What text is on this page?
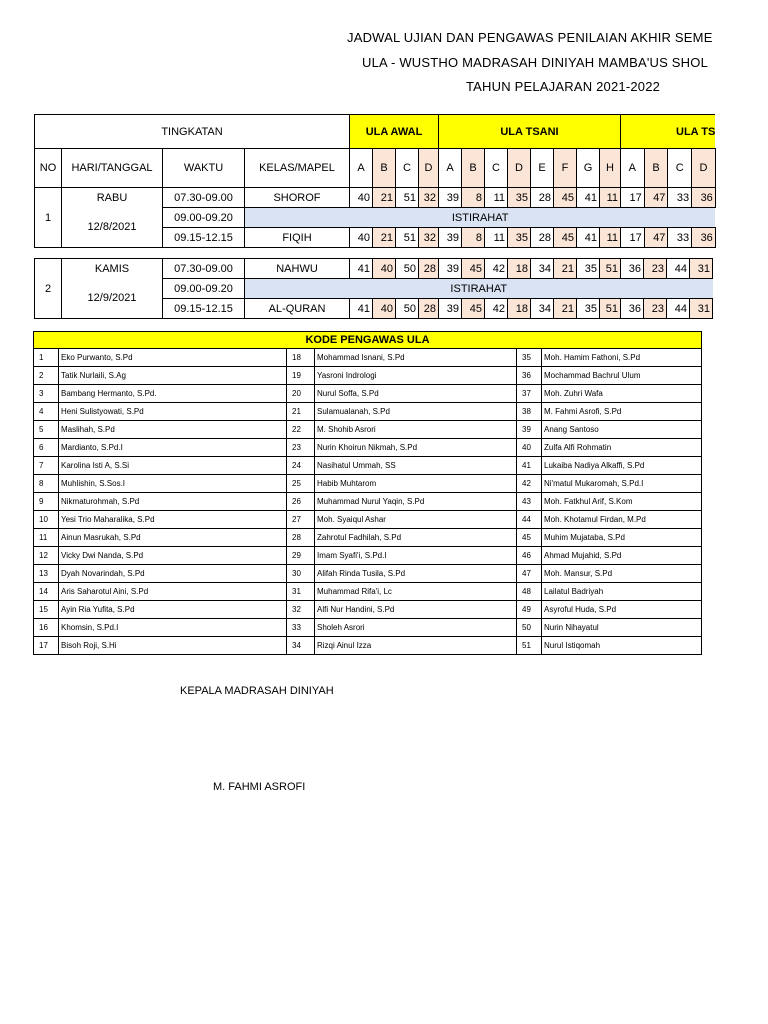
JADWAL UJIAN DAN PENGAWAS PENILAIAN AKHIR SEME
ULA - WUSTHO MADRASAH DINIYAH MAMBA'US SHOL
TAHUN PELAJARAN 2021-2022
TINGKATAN				ULA AWAL				ULA TSANI								ULA TS			
NO	HARI/TANGGAL	WAKTU	KELAS/MAPEL	A	B	C	D	A	B	C	D	E	F	G	H	A	B	C	D
1	RABU	07.30-09.00	SHOROF	40	21	51	32	39	8	11	35	28	45	41	11	17	47	33	36
	12/8/2021	09.00-09.20	ISTIRAHAT																
		09.15-12.15	FIQIH	40	21	51	32	39	8	11	35	28	45	41	11	17	47	33	36
2	KAMIS	07.30-09.00	NAHWU	41	40	50	28	39	45	42	18	34	21	35	51	36	23	44	31
	12/9/2021	09.00-09.20	ISTIRAHAT																
		09.15-12.15	AL-QURAN	41	40	50	28	39	45	42	18	34	21	35	51	36	23	44	31
KODE PENGAWAS ULA					
1	Eko Purwanto, S.Pd	18	Mohammad Isnani, S.Pd	35	Moh. Hamim Fathoni, S.Pd
2	Tatik Nurlaili, S.Ag	19	Yasroni Indrologi	36	Mochammad Bachrul Ulum
3	Bambang Hermanto, S.Pd.	20	Nurul Soffa, S.Pd	37	Moh. Zuhri Wafa
4	Heni Sulistyowati, S.Pd	21	Sulamualanah, S.Pd	38	M. Fahmi Asrofi, S.Pd
5	Maslihah, S.Pd	22	M. Shohib Asrori	39	Anang Santoso
6	Mardianto, S.Pd.I	23	Nurin Khoirun Nikmah, S.Pd	40	Zulfa Alfi Rohmatin
7	Karolina Isti A, S.Si	24	Nasihatul Ummah, SS	41	Lukaiba Nadiya Alkaffi, S.Pd
8	Muhlishin, S.Sos.I	25	Habib Muhtarom	42	Ni'matul Mukaromah, S.Pd.I
9	Nikmaturohmah, S.Pd	26	Muhammad Nurul Yaqin, S.Pd	43	Moh. Fatkhul Arif, S.Kom
10	Yesi Trio Maharalika, S.Pd	27	Moh. Syaiqul Ashar	44	Moh. Khotamul Firdan, M.Pd
11	Ainun Masrukah, S.Pd	28	Zahrotul Fadhilah, S.Pd	45	Muhim Mujataba, S.Pd
12	Vicky Dwi Nanda, S.Pd	29	Imam Syafi'i, S.Pd.I	46	Ahmad Mujahid, S.Pd
13	Dyah Novarindah, S.Pd	30	Alifah Rinda Tusila, S.Pd	47	Moh. Mansur, S.Pd
14	Aris Saharotul Aini, S.Pd	31	Muhammad Rifa'i, Lc	48	Lailatul Badriyah
15	Ayin Ria Yufita, S.Pd	32	Alfi Nur Handini, S.Pd	49	Asyroful Huda, S.Pd
16	Khomsin, S.Pd.I	33	Sholeh Asrori	50	Nurin Nihayatul
17	Bisoh Roji, S.Hi	34	Rizqi Ainul Izza	51	Nurul Istiqomah
KEPALA MADRASAH DINIYAH
M. FAHMI ASROFI
